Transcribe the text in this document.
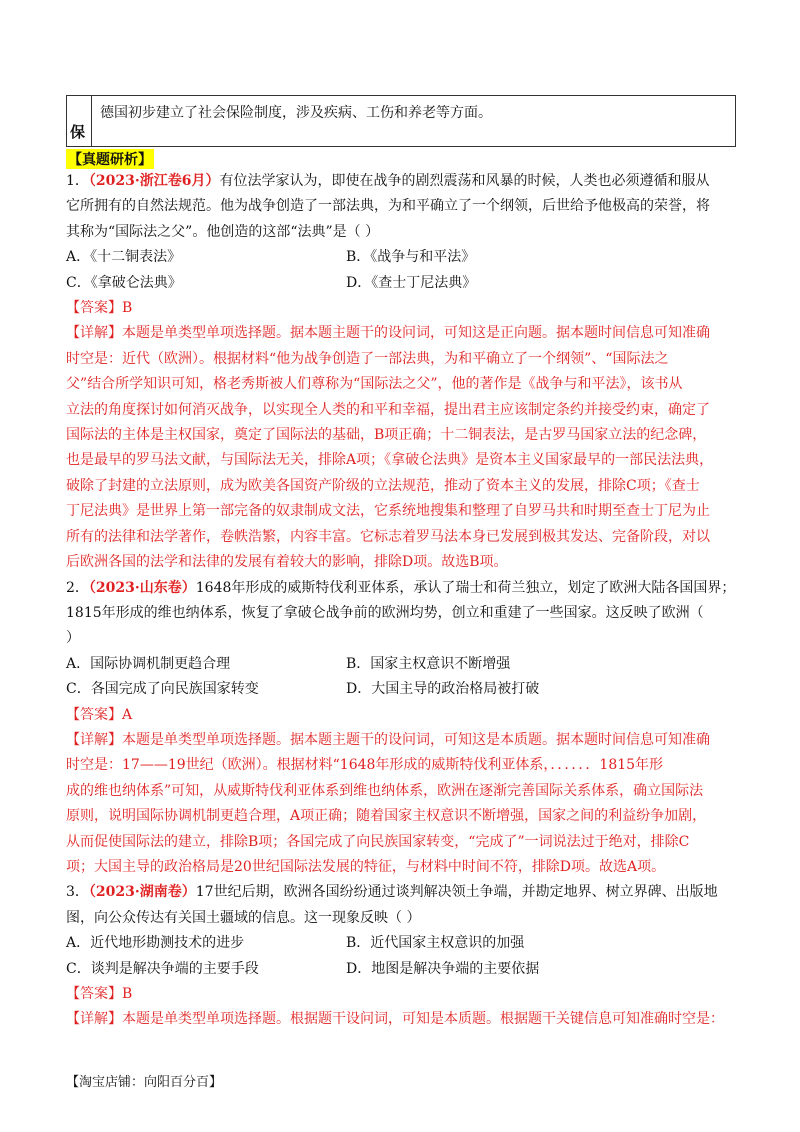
保
德国初步建立了社会保险制度，涉及疾病、工伤和养老等方面。
【真题研析】
1．（2023·浙江卷6月）有位法学家认为，即使在战争的剧烈震荡和风暴的时候，人类也必须遵循和服从
它所拥有的自然法规范。他为战争创造了一部法典，为和平确立了一个纲领，后世给予他极高的荣誉，将
其称为“国际法之父”。他创造的这部“法典”是（ ）
A．《十二铜表法》	B．《战争与和平法》
C．《拿破仑法典》	D．《查士丁尼法典》
【答案】B
【详解】本题是单类型单项选择题。据本题主题干的设问词，可知这是正向题。据本题时间信息可知准确
时空是：近代（欧洲）。根据材料“他为战争创造了一部法典，为和平确立了一个纲领”、“国际法之
父”结合所学知识可知，格老秀斯被人们尊称为“国际法之父”，他的著作是《战争与和平法》，该书从
立法的角度探讨如何消灭战争，以实现全人类的和平和幸福，提出君主应该制定条约并接受约束，确定了
国际法的主体是主权国家，奠定了国际法的基础，B项正确；十二铜表法，是古罗马国家立法的纪念碑，
也是最早的罗马法文献，与国际法无关，排除A项；《拿破仑法典》是资本主义国家最早的一部民法法典，
破除了封建的立法原则，成为欧美各国资产阶级的立法规范，推动了资本主义的发展，排除C项；《查士
丁尼法典》是世界上第一部完备的奴隶制成文法，它系统地搜集和整理了自罗马共和时期至查士丁尼为止
所有的法律和法学著作，卷帙浩繁，内容丰富。它标志着罗马法本身已发展到极其发达、完备阶段，对以
后欧洲各国的法学和法律的发展有着较大的影响，排除D项。故选B项。
2．（2023·山东卷）1648年形成的威斯特伐利亚体系，承认了瑞士和荷兰独立，划定了欧洲大陆各国国界；
1815年形成的维也纳体系，恢复了拿破仑战争前的欧洲均势，创立和重建了一些国家。这反映了欧洲（
）
A．国际协调机制更趋合理	B．国家主权意识不断增强
C．各国完成了向民族国家转变	D．大国主导的政治格局被打破
【答案】A
【详解】本题是单类型单项选择题。据本题主题干的设问词，可知这是本质题。据本题时间信息可知准确
时空是：17——19世纪（欧洲）。根据材料“1648年形成的威斯特伐利亚体系，．．．．．．1815年形
成的维也纳体系”可知，从威斯特伐利亚体系到维也纳体系，欧洲在逐渐完善国际关系体系，确立国际法
原则，说明国际协调机制更趋合理，A项正确；随着国家主权意识不断增强，国家之间的利益纷争加剧，
从而促使国际法的建立，排除B项；各国完成了向民族国家转变，“完成了”一词说法过于绝对，排除C
项；大国主导的政治格局是20世纪国际法发展的特征，与材料中时间不符，排除D项。故选A项。
3．（2023·湖南卷）17世纪后期，欧洲各国纷纷通过谈判解决领土争端，并勘定地界、树立界碑、出版地
图，向公众传达有关国土疆域的信息。这一现象反映（ ）
A．近代地形勘测技术的进步	B．近代国家主权意识的加强
C．谈判是解决争端的主要手段	D．地图是解决争端的主要依据
【答案】B
【详解】本题是单类型单项选择题。根据题干设问词，可知是本质题。根据题干关键信息可知准确时空是：
【淘宝店铺：向阳百分百】
